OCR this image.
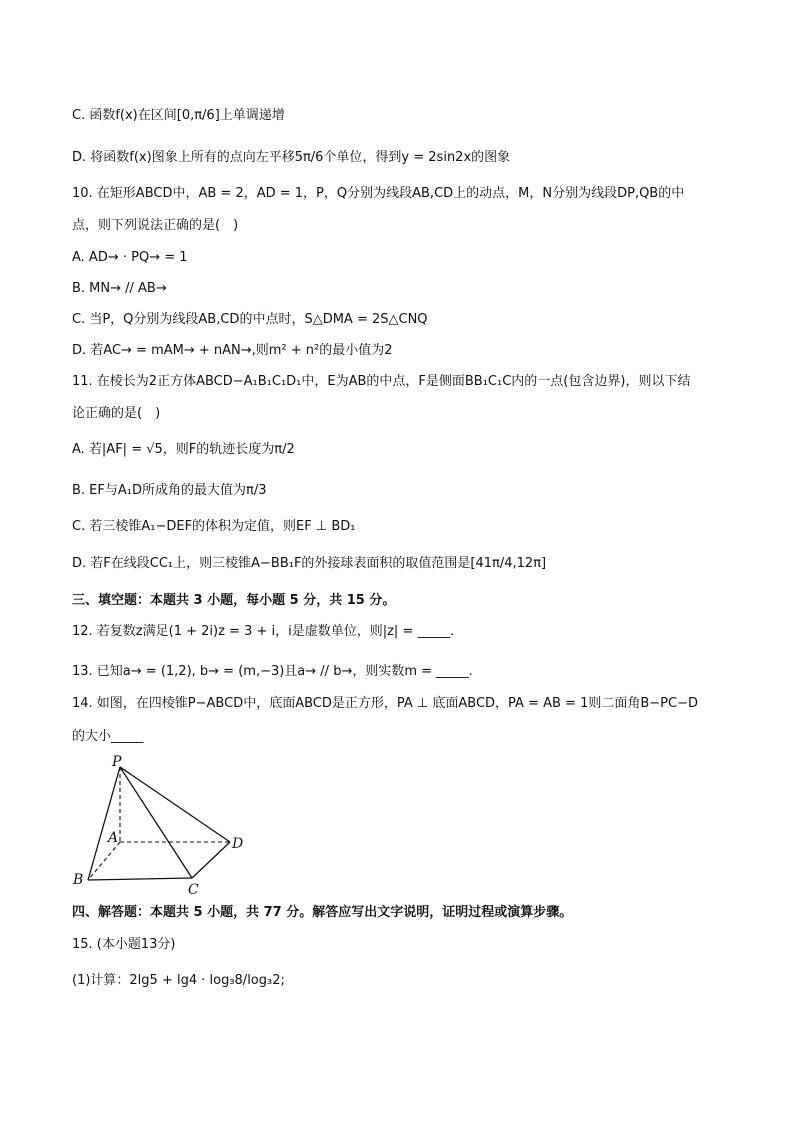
C. 函数f(x)在区间[0,π/6]上单调递增
D. 将函数f(x)图象上所有的点向左平移5π/6个单位，得到y = 2sin2x的图象
10. 在矩形ABCD中，AB = 2，AD = 1，P，Q分别为线段AB,CD上的动点，M，N分别为线段DP,QB的中
点，则下列说法正确的是(　)
A. AD→ · PQ→ = 1
B. MN→ // AB→
C. 当P，Q分别为线段AB,CD的中点时，S△DMA = 2S△CNQ
D. 若AC→ = mAM→ + nAN→,则m² + n²的最小值为2
11. 在棱长为2正方体ABCD−A₁B₁C₁D₁中，E为AB的中点，F是侧面BB₁C₁C内的一点(包含边界)，则以下结
论正确的是(　)
A. 若|AF| = √5，则F的轨迹长度为π/2
B. EF与A₁D所成角的最大值为π/3
C. 若三棱锥A₁−DEF的体积为定值，则EF ⊥ BD₁
D. 若F在线段CC₁上，则三棱锥A−BB₁F的外接球表面积的取值范围是[41π/4,12π]
三、填空题：本题共 3 小题，每小题 5 分，共 15 分。
12. 若复数z满足(1 + 2i)z = 3 + i，i是虚数单位，则|z| = _____.
13. 已知a→ = (1,2), b→ = (m,−3)且a→ // b→，则实数m = _____.
14. 如图，在四棱锥P−ABCD中，底面ABCD是正方形，PA ⊥ 底面ABCD，PA = AB = 1则二面角B−PC−D
的大小_____
P
A
B
C
D
四、解答题：本题共 5 小题，共 77 分。解答应写出文字说明，证明过程或演算步骤。
15. (本小题13分)
(1)计算：2lg5 + lg4 · log₃8/log₃2;
